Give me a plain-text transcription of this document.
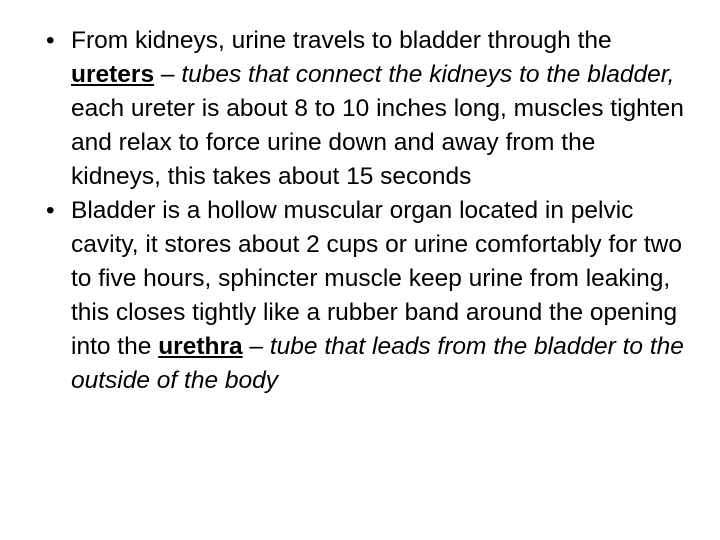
• From kidneys, urine travels to bladder through the ureters – tubes that connect the kidneys to the bladder, each ureter is about 8 to 10 inches long, muscles tighten and relax to force urine down and away from the kidneys, this takes about 15 seconds
• Bladder is a hollow muscular organ located in pelvic cavity, it stores about 2 cups or urine comfortably for two to five hours, sphincter muscle keep urine from leaking, this closes tightly like a rubber band around the opening into the urethra – tube that leads from the bladder to the outside of the body
